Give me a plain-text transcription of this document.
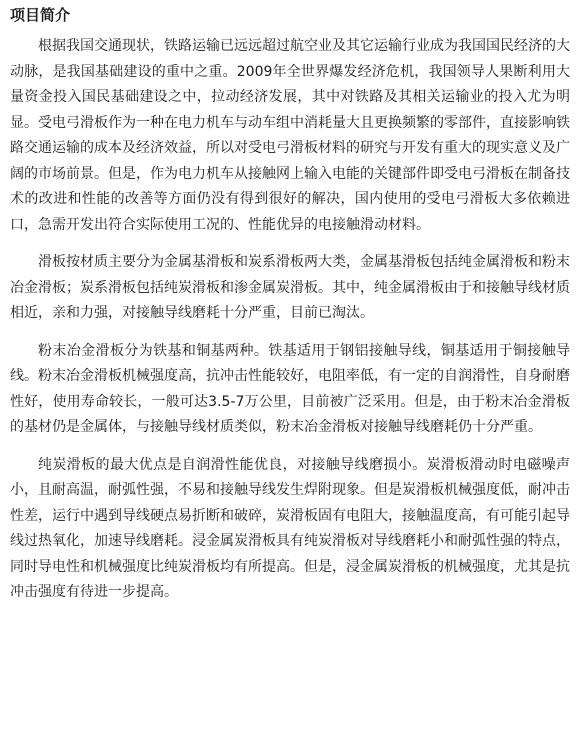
项目简介

根据我国交通现状，铁路运输已远远超过航空业及其它运输行业成为我国国民经济的大动脉，是我国基础建设的重中之重。2009年全世界爆发经济危机，我国领导人果断利用大量资金投入国民基础建设之中，拉动经济发展，其中对铁路及其相关运输业的投入尤为明显。受电弓滑板作为一种在电力机车与动车组中消耗量大且更换频繁的零部件，直接影响铁路交通运输的成本及经济效益，所以对受电弓滑板材料的研究与开发有重大的现实意义及广阔的市场前景。但是，作为电力机车从接触网上输入电能的关键部件即受电弓滑板在制备技术的改进和性能的改善等方面仍没有得到很好的解决，国内使用的受电弓滑板大多依赖进口，急需开发出符合实际使用工况的、性能优异的电接触滑动材料。

滑板按材质主要分为金属基滑板和炭系滑板两大类，金属基滑板包括纯金属滑板和粉末冶金滑板；炭系滑板包括纯炭滑板和渗金属炭滑板。其中，纯金属滑板由于和接触导线材质相近，亲和力强，对接触导线磨耗十分严重，目前已淘汰。

粉末冶金滑板分为铁基和铜基两种。铁基适用于钢铝接触导线，铜基适用于铜接触导线。粉末冶金滑板机械强度高，抗冲击性能较好，电阻率低，有一定的自润滑性，自身耐磨性好，使用寿命较长，一般可达3.5-7万公里，目前被广泛采用。但是，由于粉末冶金滑板的基材仍是金属体，与接触导线材质类似，粉末冶金滑板对接触导线磨耗仍十分严重。

纯炭滑板的最大优点是自润滑性能优良，对接触导线磨损小。炭滑板滑动时电磁噪声小，且耐高温，耐弧性强，不易和接触导线发生焊附现象。但是炭滑板机械强度低，耐冲击性差，运行中遇到导线硬点易折断和破碎，炭滑板固有电阻大，接触温度高，有可能引起导线过热氧化，加速导线磨耗。浸金属炭滑板具有纯炭滑板对导线磨耗小和耐弧性强的特点，同时导电性和机械强度比纯炭滑板均有所提高。但是，浸金属炭滑板的机械强度，尤其是抗冲击强度有待进一步提高。
